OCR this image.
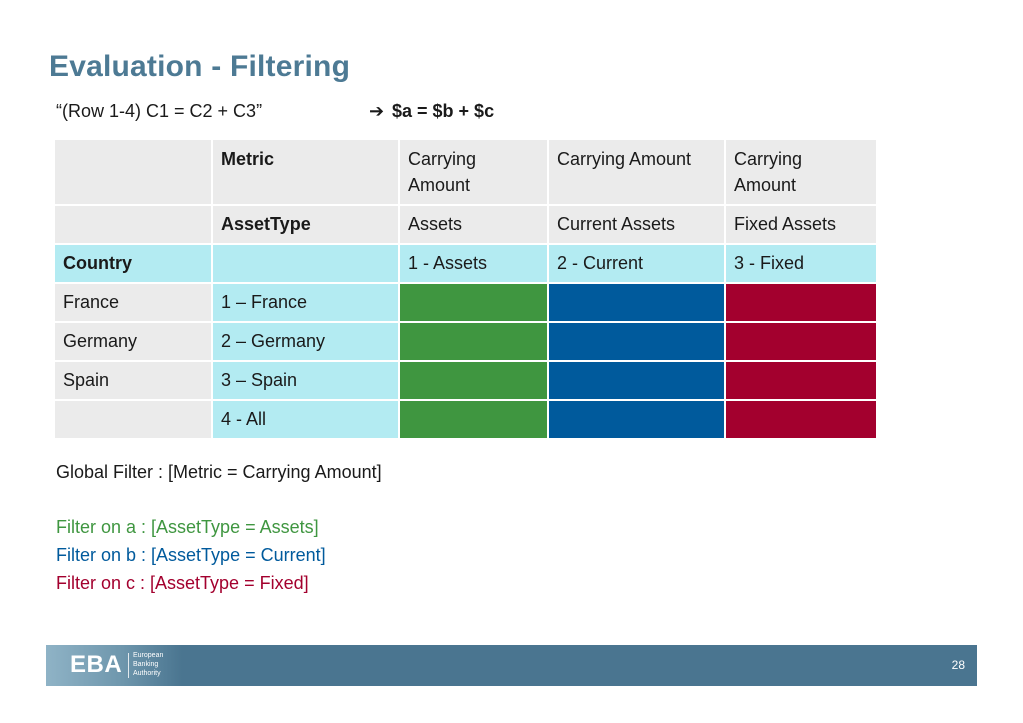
Evaluation - Filtering
“(Row 1-4) C1 = C2 + C3”	➔ $a = $b + $c
	Metric	Carrying Amount	Carrying Amount	Carrying Amount
	AssetType	Assets	Current Assets	Fixed Assets
Country		1 - Assets	2 - Current	3 - Fixed
France	1 – France			
Germany	2 – Germany			
Spain	3 – Spain			
	4 - All			
Global Filter : [Metric = Carrying Amount]
Filter on a : [AssetType = Assets]
Filter on b : [AssetType = Current]
Filter on c : [AssetType = Fixed]
EBA European
Banking
Authority
28
